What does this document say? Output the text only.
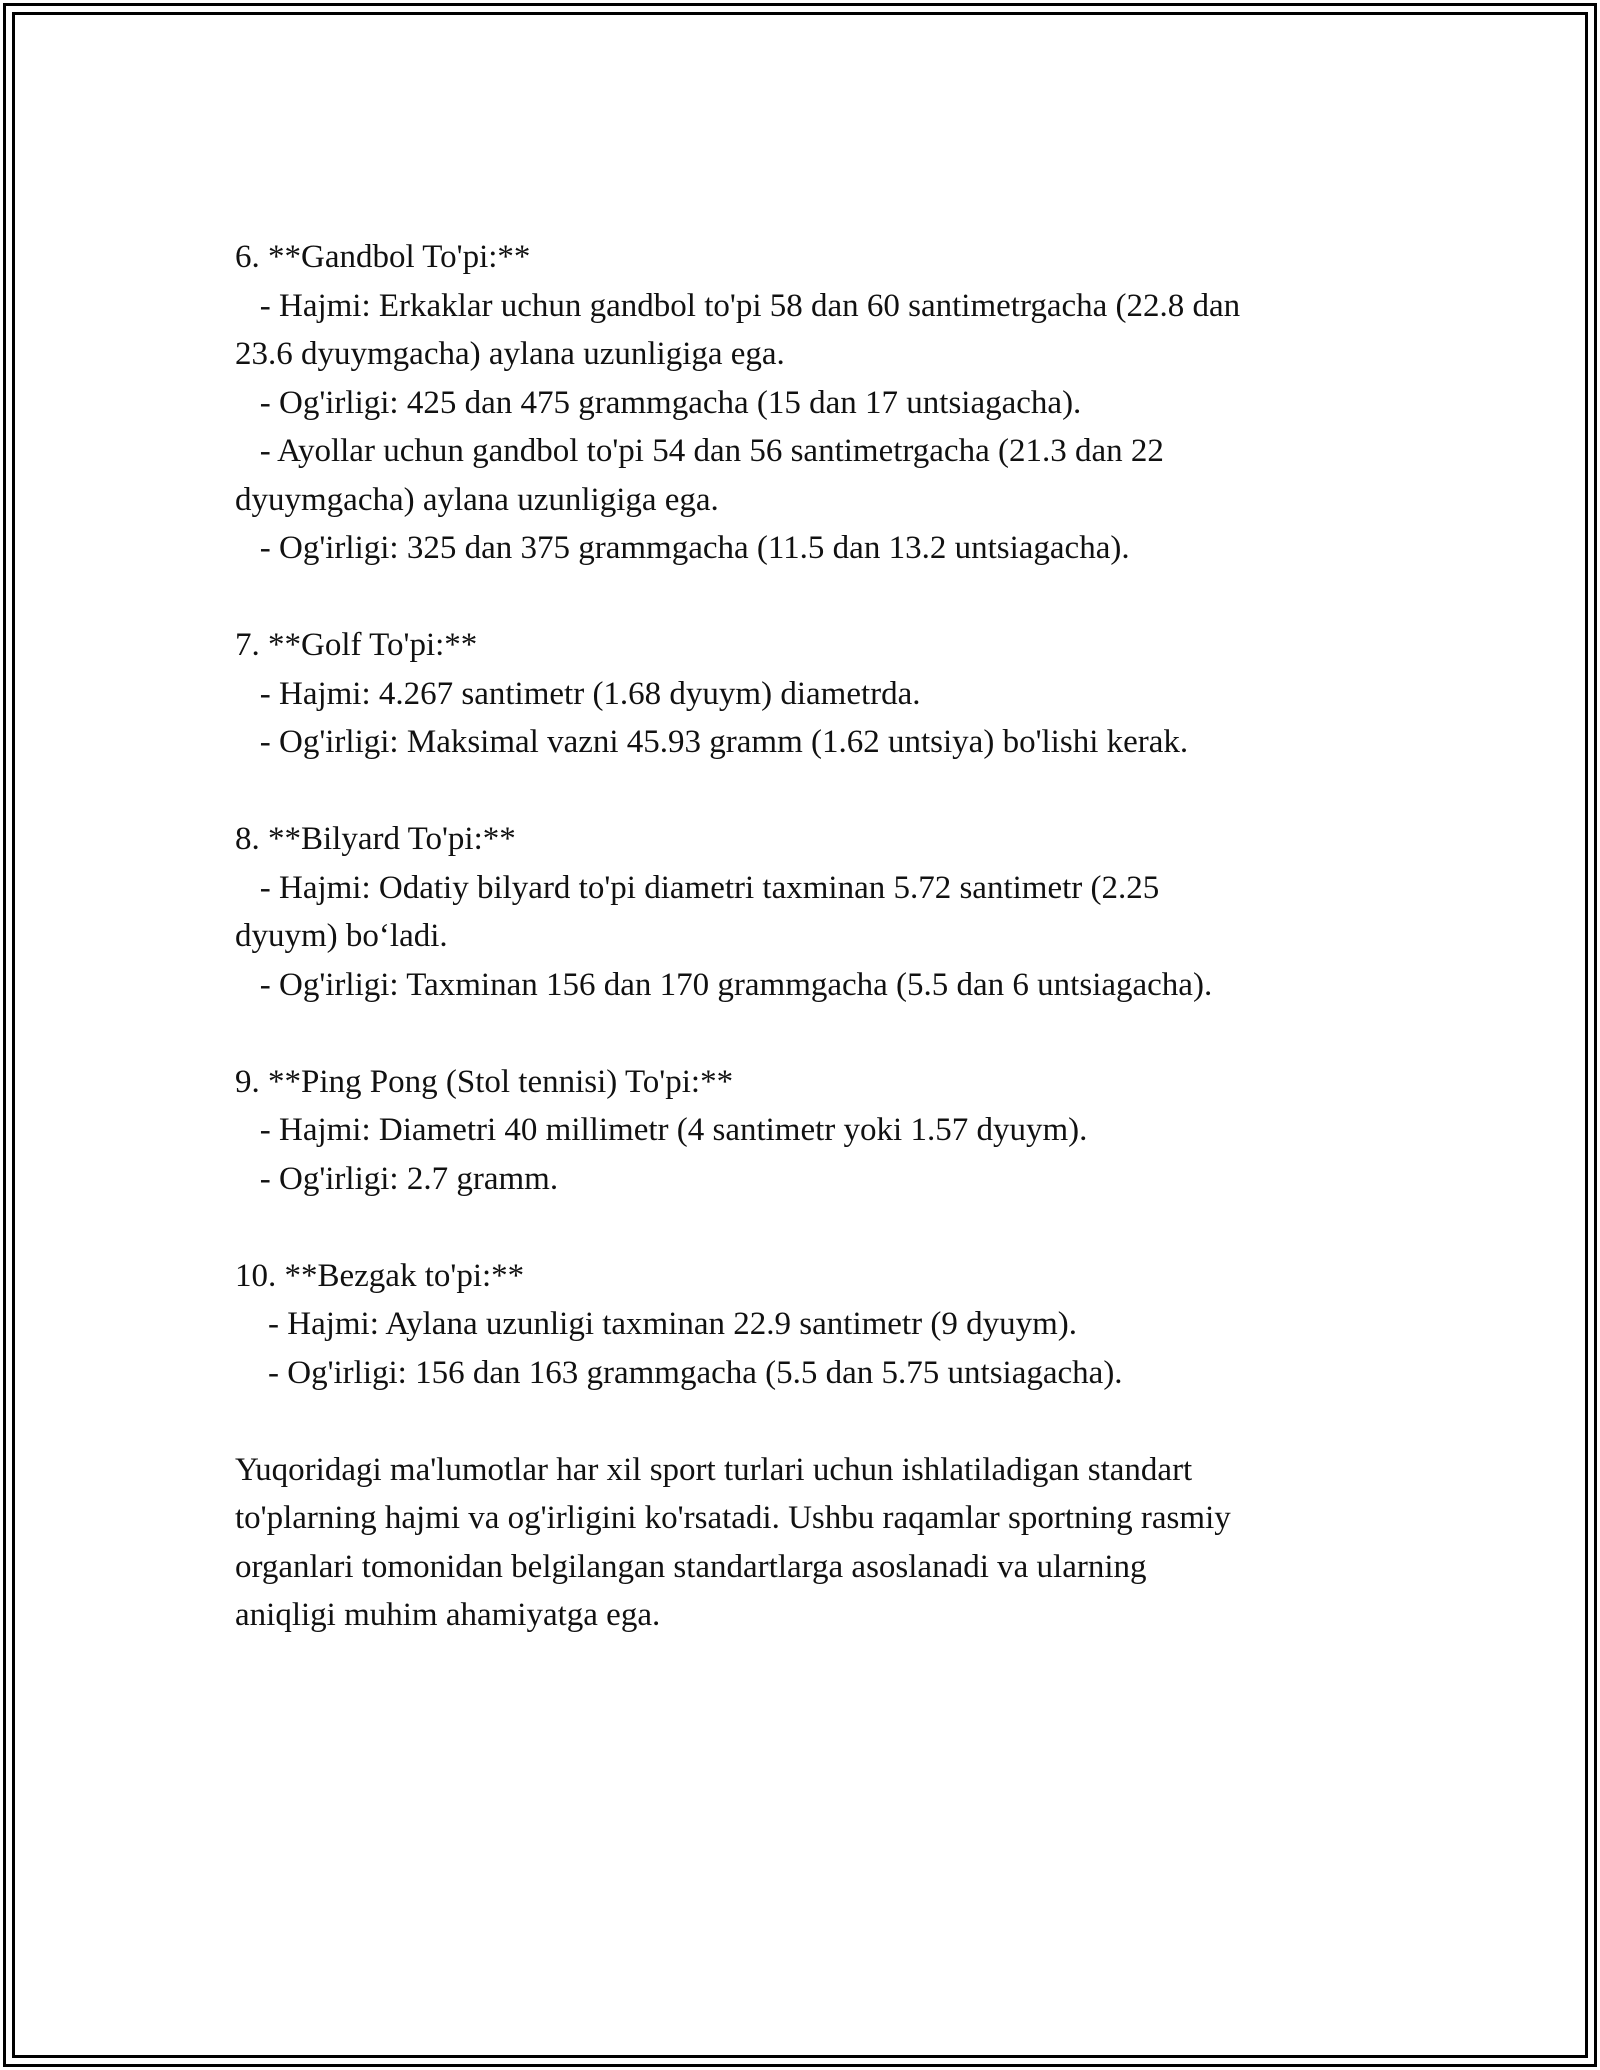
6. **Gandbol To'pi:**

- Hajmi: Erkaklar uchun gandbol to'pi 58 dan 60 santimetrgacha (22.8 dan

23.6 dyuymgacha) aylana uzunligiga ega.

- Og'irligi: 425 dan 475 grammgacha (15 dan 17 untsiagacha).

- Ayollar uchun gandbol to'pi 54 dan 56 santimetrgacha (21.3 dan 22

dyuymgacha) aylana uzunligiga ega.

- Og'irligi: 325 dan 375 grammgacha (11.5 dan 13.2 untsiagacha).

7. **Golf To'pi:**

- Hajmi: 4.267 santimetr (1.68 dyuym) diametrda.

- Og'irligi: Maksimal vazni 45.93 gramm (1.62 untsiya) bo'lishi kerak.

8. **Bilyard To'pi:**

- Hajmi: Odatiy bilyard to'pi diametri taxminan 5.72 santimetr (2.25

dyuym) bo‘ladi.

- Og'irligi: Taxminan 156 dan 170 grammgacha (5.5 dan 6 untsiagacha).

9. **Ping Pong (Stol tennisi) To'pi:**

- Hajmi: Diametri 40 millimetr (4 santimetr yoki 1.57 dyuym).

- Og'irligi: 2.7 gramm.

10. **Bezgak to'pi:**

- Hajmi: Aylana uzunligi taxminan 22.9 santimetr (9 dyuym).

- Og'irligi: 156 dan 163 grammgacha (5.5 dan 5.75 untsiagacha).

Yuqoridagi ma'lumotlar har xil sport turlari uchun ishlatiladigan standart

to'plarning hajmi va og'irligini ko'rsatadi. Ushbu raqamlar sportning rasmiy

organlari tomonidan belgilangan standartlarga asoslanadi va ularning

aniqligi muhim ahamiyatga ega.
